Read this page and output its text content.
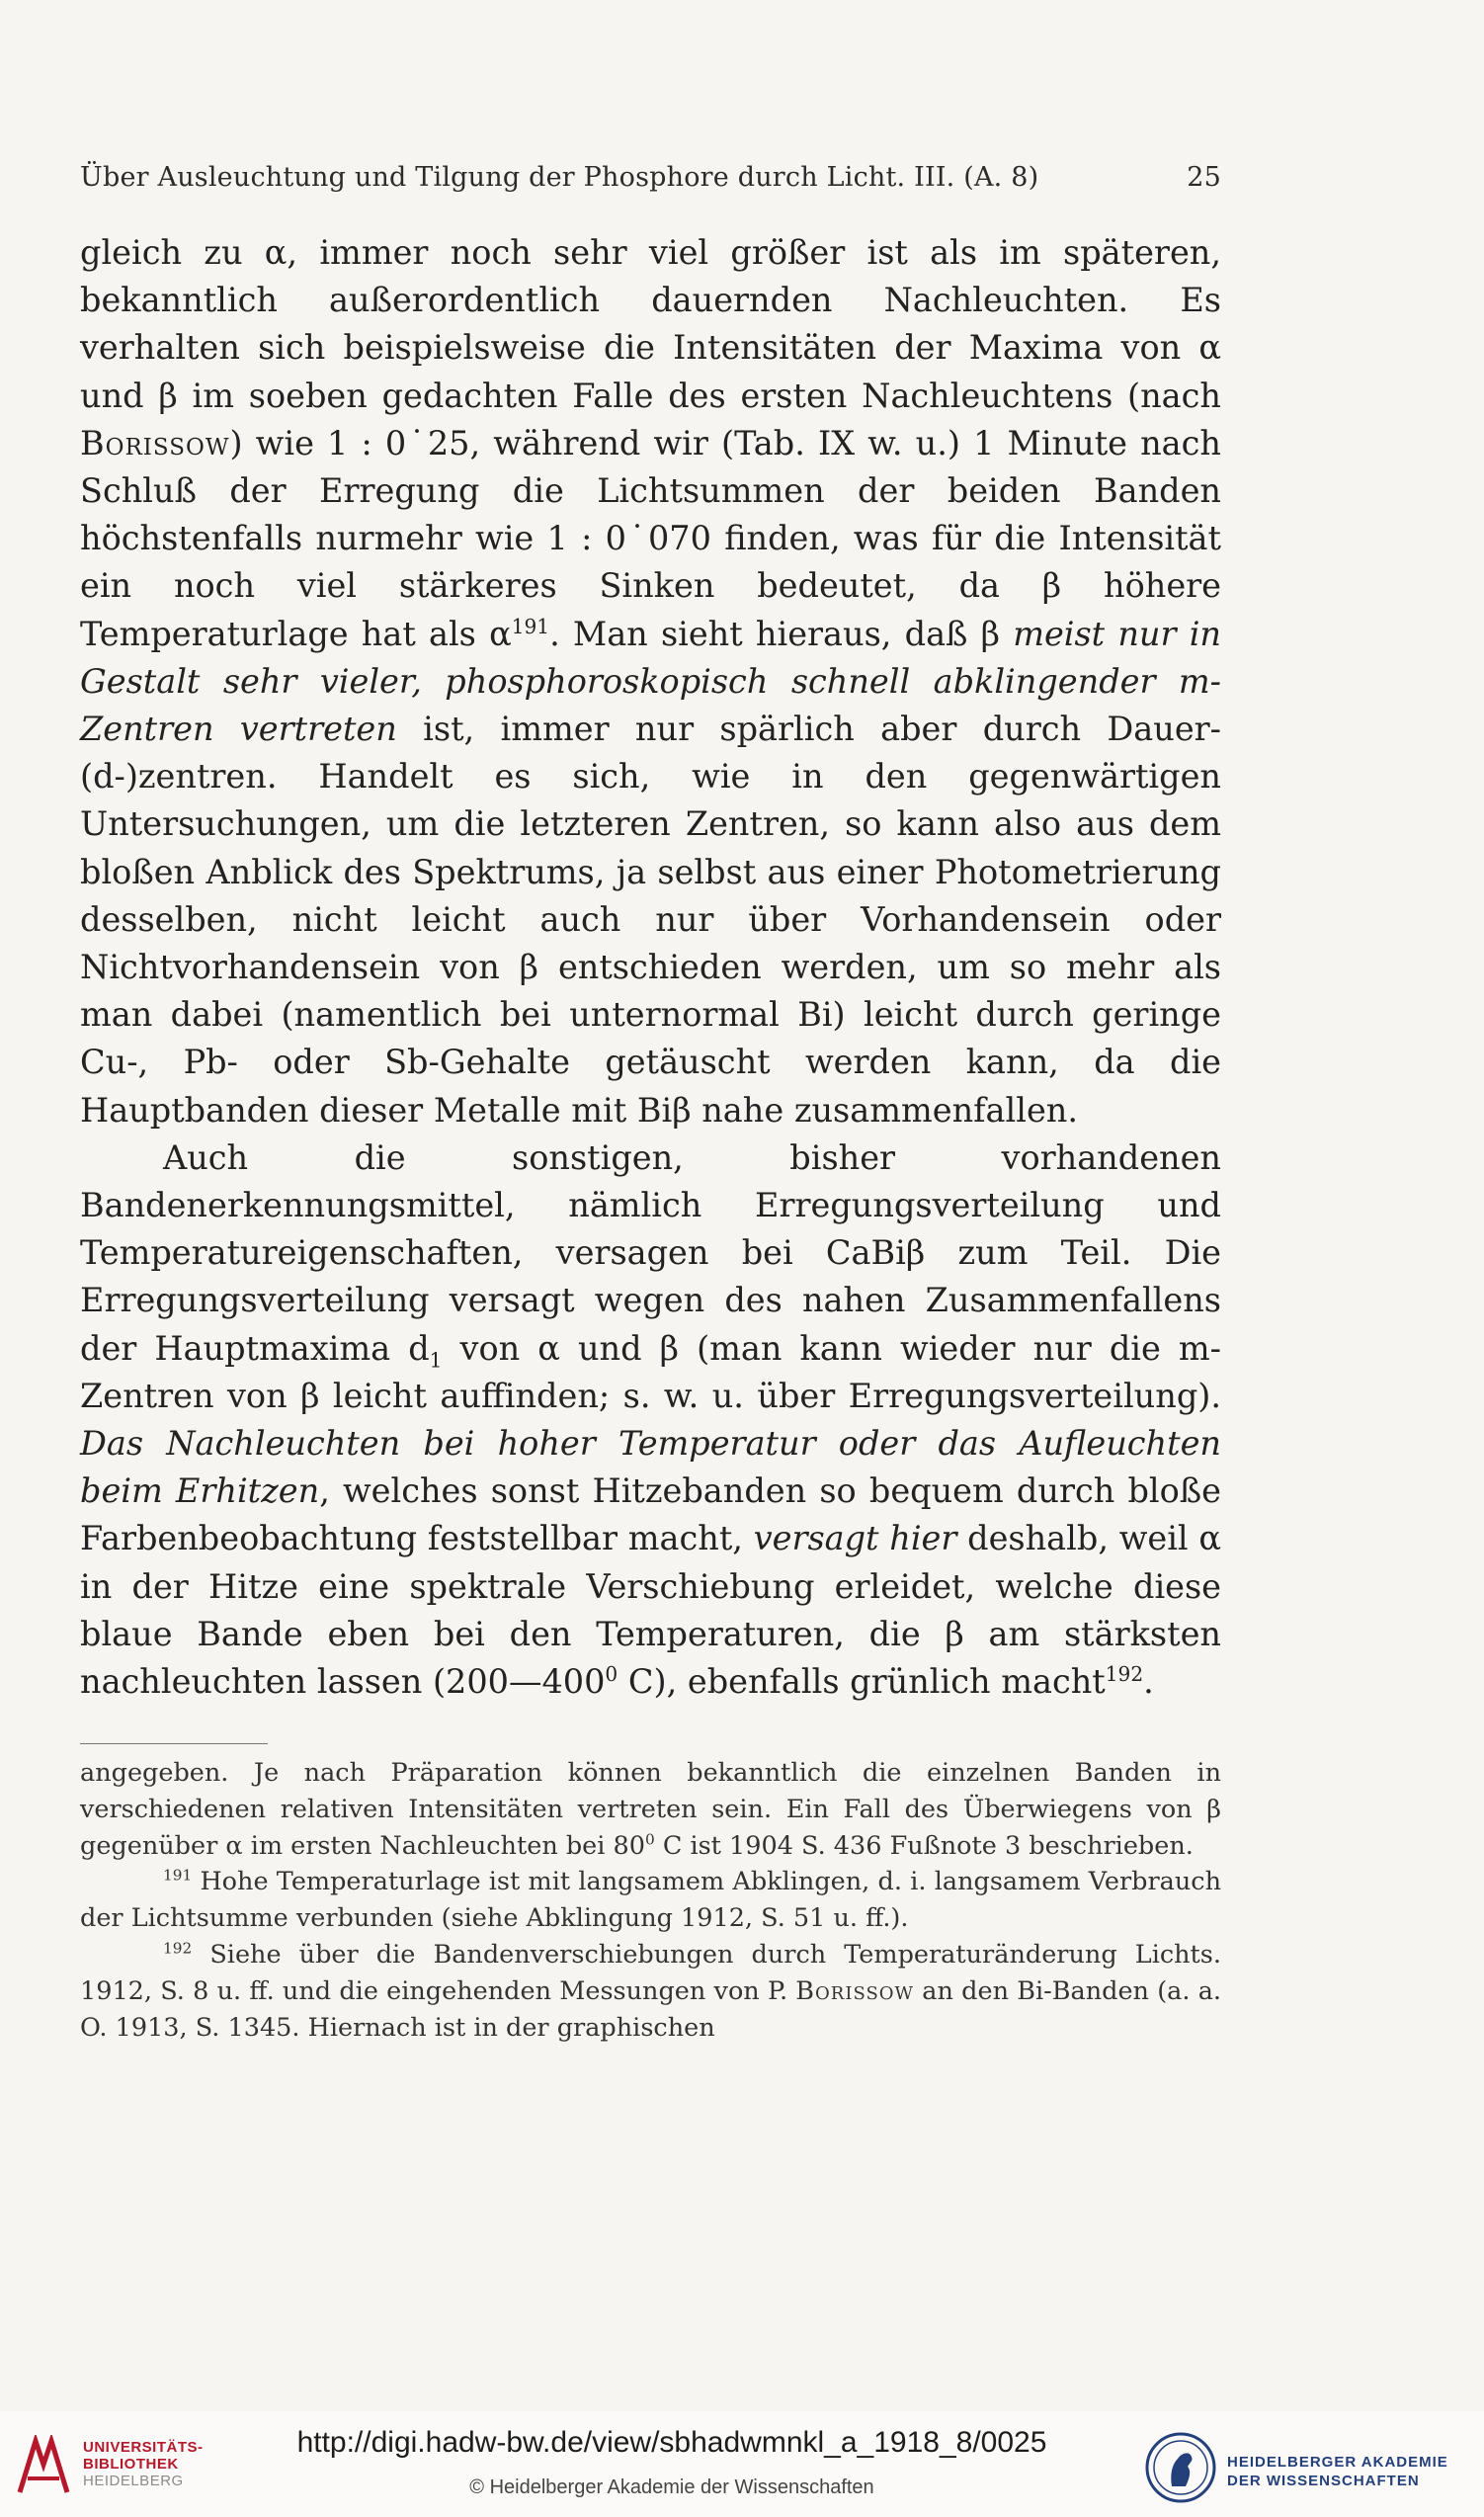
Über Ausleuchtung und Tilgung der Phosphore durch Licht. III. (A. 8)	25

gleich zu α, immer noch sehr viel größer ist als im späteren, bekanntlich außerordentlich dauernden Nachleuchten. Es verhalten sich beispielsweise die Intensitäten der Maxima von α und β im soeben gedachten Falle des ersten Nachleuchtens (nach Borissow) wie 1 : 0˙25, während wir (Tab. IX w. u.) 1 Minute nach Schluß der Erregung die Lichtsummen der beiden Banden höchstenfalls nurmehr wie 1 : 0˙070 finden, was für die Intensität ein noch viel stärkeres Sinken bedeutet, da β höhere Temperaturlage hat als $\alpha^{191}$. Man sieht hieraus, daß β meist nur in Gestalt sehr vieler, phosphoroskopisch schnell abklingender m-Zentren vertreten ist, immer nur spärlich aber durch Dauer-(d-)zentren. Handelt es sich, wie in den gegenwärtigen Untersuchungen, um die letzteren Zentren, so kann also aus dem bloßen Anblick des Spektrums, ja selbst aus einer Photometrierung desselben, nicht leicht auch nur über Vorhandensein oder Nichtvorhandensein von β entschieden werden, um so mehr als man dabei (namentlich bei unternormal Bi) leicht durch geringe Cu-, Pb- oder Sb-Gehalte getäuscht werden kann, da die Hauptbanden dieser Metalle mit Biβ nahe zusammenfallen.

Auch die sonstigen, bisher vorhandenen Bandenerkennungsmittel, nämlich Erregungsverteilung und Temperatureigenschaften, versagen bei CaBiβ zum Teil. Die Erregungsverteilung versagt wegen des nahen Zusammenfallens der Hauptmaxima $d_1$ von α und β (man kann wieder nur die m-Zentren von β leicht auffinden; s. w. u. über Erregungsverteilung). Das Nachleuchten bei hoher Temperatur oder das Aufleuchten beim Erhitzen, welches sonst Hitzebanden so bequem durch bloße Farbenbeobachtung feststellbar macht, versagt hier deshalb, weil α in der Hitze eine spektrale Verschiebung erleidet, welche diese blaue Bande eben bei den Temperaturen, die β am stärksten nachleuchten lassen ($200—400^0$ C), ebenfalls grünlich macht$^{192}$.

angegeben. Je nach Präparation können bekanntlich die einzelnen Banden in verschiedenen relativen Intensitäten vertreten sein. Ein Fall des Überwiegens von β gegenüber α im ersten Nachleuchten bei $80^0$ C ist 1904 S. 436 Fußnote 3 beschrieben.

$^{191}$ Hohe Temperaturlage ist mit langsamem Abklingen, d. i. langsamem Verbrauch der Lichtsumme verbunden (siehe Abklingung 1912, S. 51 u. ff.).

$^{192}$ Siehe über die Bandenverschiebungen durch Temperaturänderung Lichts. 1912, S. 8 u. ff. und die eingehenden Messungen von P. Borissow an den Bi-Banden (a. a. O. 1913, S. 1345. Hiernach ist in der graphischen

UNIVERSITÄTS-
BIBLIOTHEK
HEIDELBERG
http://digi.hadw-bw.de/view/sbhadwmnkl_a_1918_8/0025
© Heidelberger Akademie der Wissenschaften
HEIDELBERGER AKADEMIE
DER WISSENSCHAFTEN
